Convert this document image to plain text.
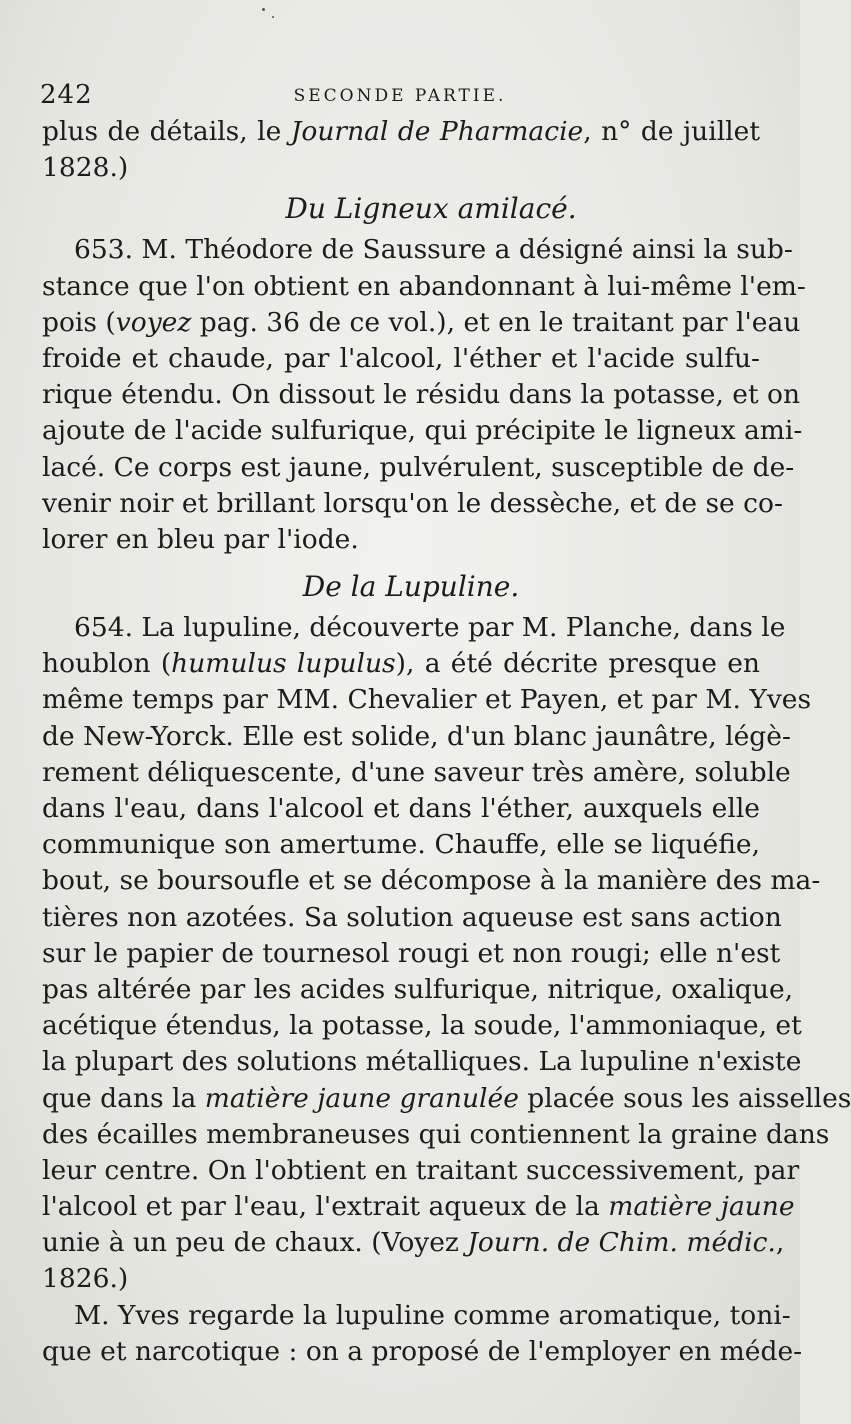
242	SECONDE PARTIE.
plus de détails, le Journal de Pharmacie, n° de juillet
1828.)
Du Ligneux amilacé.
653. M. Théodore de Saussure a désigné ainsi la sub-
stance que l'on obtient en abandonnant à lui-même l'em-
pois (voyez pag. 36 de ce vol.), et en le traitant par l'eau
froide et chaude, par l'alcool, l'éther et l'acide sulfu-
rique étendu. On dissout le résidu dans la potasse, et on
ajoute de l'acide sulfurique, qui précipite le ligneux ami-
lacé. Ce corps est jaune, pulvérulent, susceptible de de-
venir noir et brillant lorsqu'on le dessèche, et de se co-
lorer en bleu par l'iode.
De la Lupuline.
654. La lupuline, découverte par M. Planche, dans le
houblon (humulus lupulus), a été décrite presque en
même temps par MM. Chevalier et Payen, et par M. Yves
de New-Yorck. Elle est solide, d'un blanc jaunâtre, légè-
rement déliquescente, d'une saveur très amère, soluble
dans l'eau, dans l'alcool et dans l'éther, auxquels elle
communique son amertume. Chauffe, elle se liquéfie,
bout, se boursoufle et se décompose à la manière des ma-
tières non azotées. Sa solution aqueuse est sans action
sur le papier de tournesol rougi et non rougi; elle n'est
pas altérée par les acides sulfurique, nitrique, oxalique,
acétique étendus, la potasse, la soude, l'ammoniaque, et
la plupart des solutions métalliques. La lupuline n'existe
que dans la matière jaune granulée placée sous les aisselles
des écailles membraneuses qui contiennent la graine dans
leur centre. On l'obtient en traitant successivement, par
l'alcool et par l'eau, l'extrait aqueux de la matière jaune
unie à un peu de chaux. (Voyez Journ. de Chim. médic.,
1826.)
M. Yves regarde la lupuline comme aromatique, toni-
que et narcotique : on a proposé de l'employer en méde-
